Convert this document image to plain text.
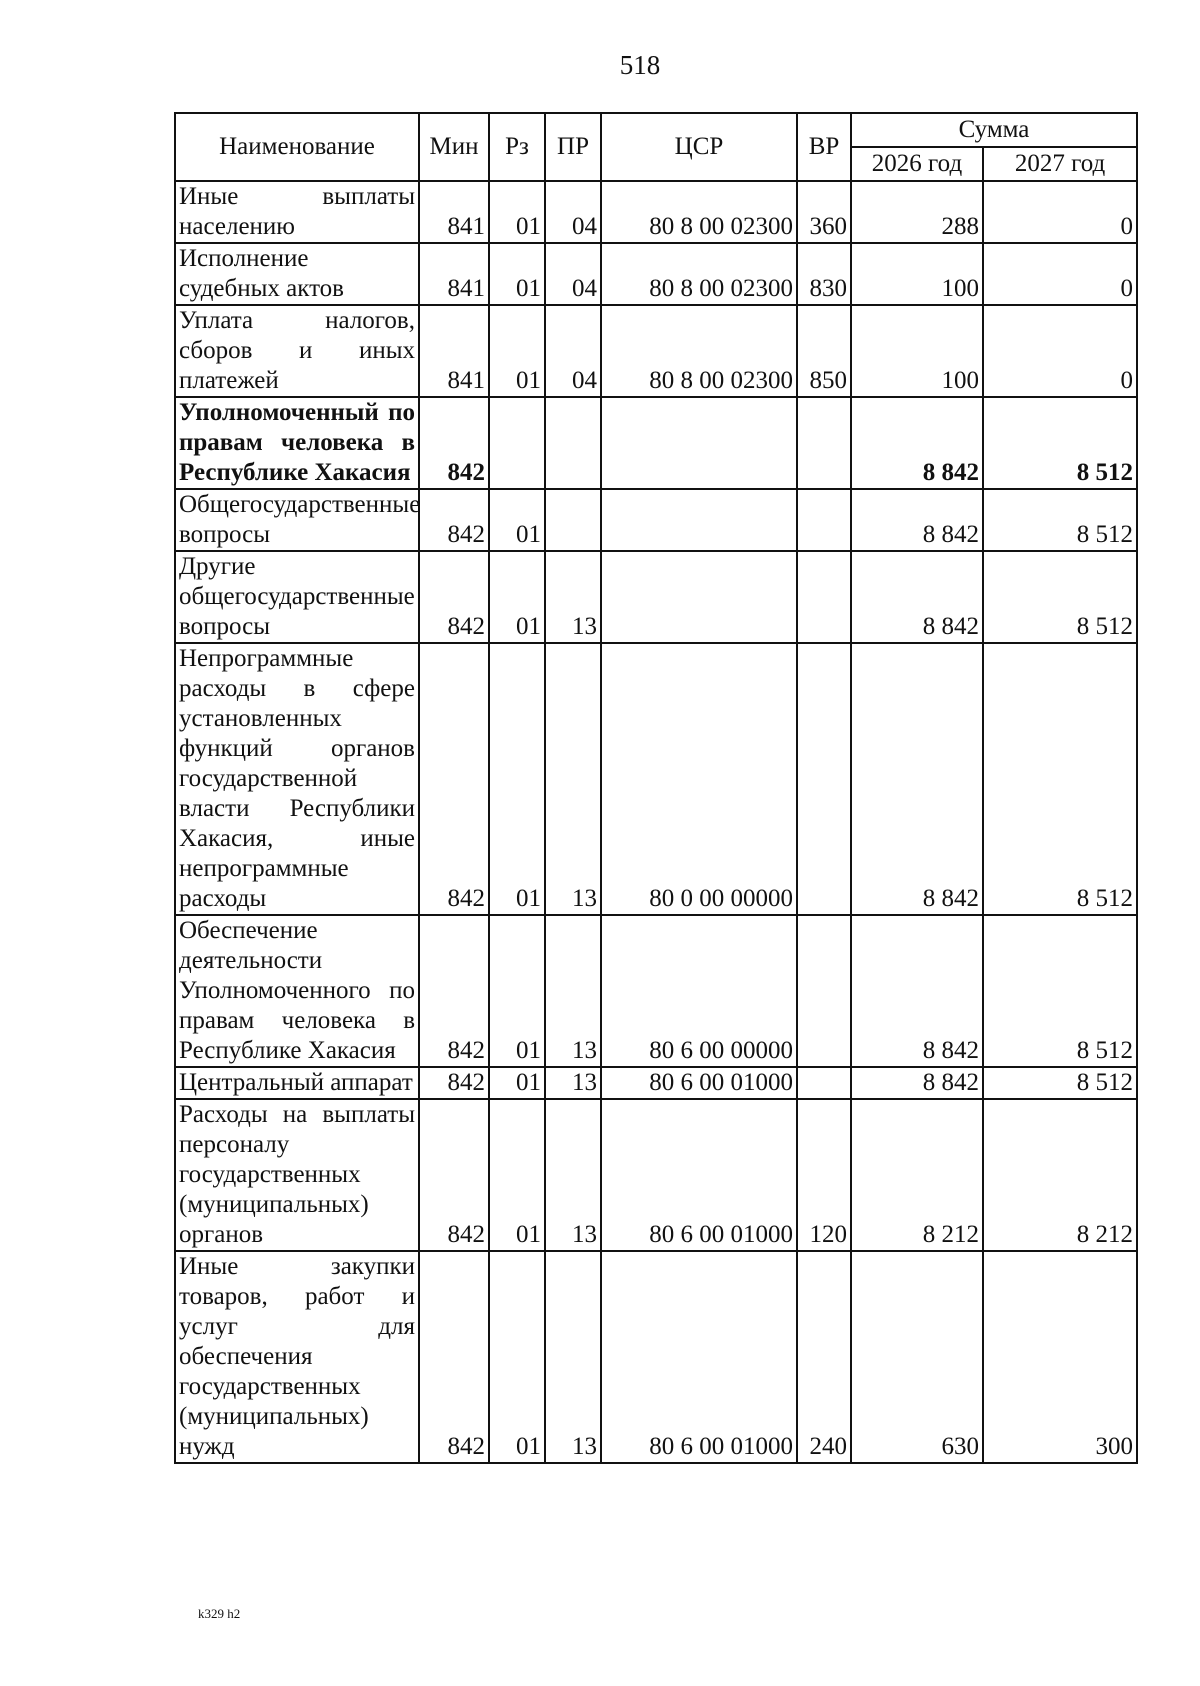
518
Наименование	Мин	Рз	ПР	ЦСР	ВР	Сумма	
						2026 год	2027 год
Иные выплаты населению	841	01	04	80 8 00 02300	360	288	0
Исполнение судебных актов	841	01	04	80 8 00 02300	830	100	0
Уплата налогов, сборов и иных платежей	841	01	04	80 8 00 02300	850	100	0
Уполномоченный по правам человека в Республике Хакасия	842					8 842	8 512
Общегосударственные вопросы	842	01				8 842	8 512
Другие общегосударственные вопросы	842	01	13			8 842	8 512
Непрограммные расходы в сфере установленных функций органов государственной власти Республики Хакасия, иные непрограммные расходы	842	01	13	80 0 00 00000		8 842	8 512
Обеспечение деятельности Уполномоченного по правам человека в Республике Хакасия	842	01	13	80 6 00 00000		8 842	8 512
Центральный аппарат	842	01	13	80 6 00 01000		8 842	8 512
Расходы на выплаты персоналу государственных (муниципальных) органов	842	01	13	80 6 00 01000	120	8 212	8 212
Иные закупки товаров, работ и услуг для обеспечения государственных (муниципальных) нужд	842	01	13	80 6 00 01000	240	630	300
k329 h2
